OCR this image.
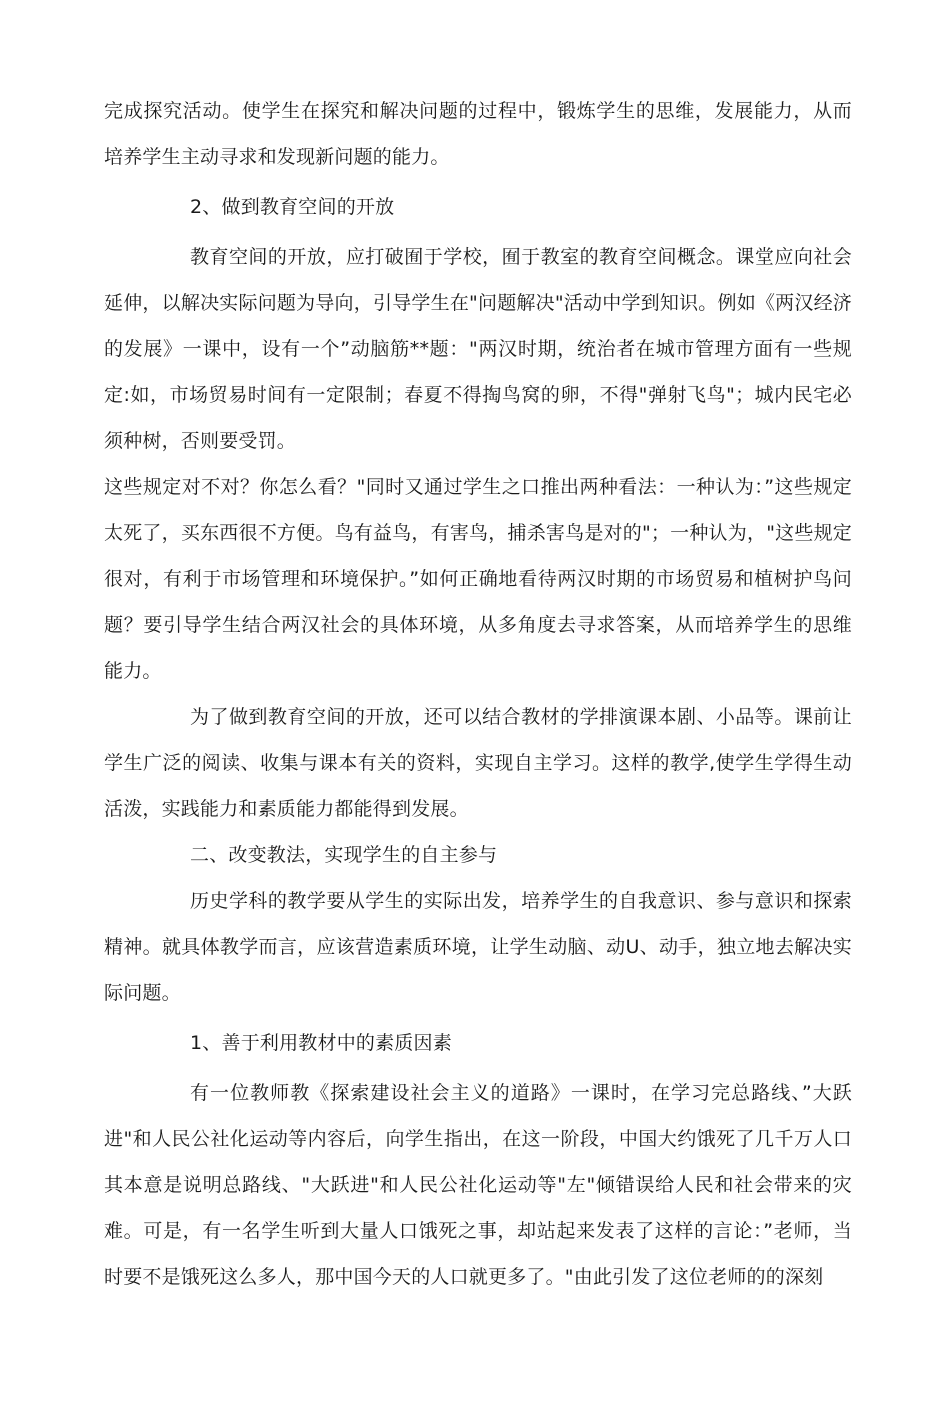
完成探究活动。使学生在探究和解决问题的过程中，锻炼学生的思维，发展能力，从而培养学生主动寻求和发现新问题的能力。

2、做到教育空间的开放

教育空间的开放，应打破囿于学校，囿于教室的教育空间概念。课堂应向社会延伸，以解决实际问题为导向，引导学生在"问题解决"活动中学到知识。例如《两汉经济的发展》一课中，设有一个”动脑筋**题："两汉时期，统治者在城市管理方面有一些规定:如，市场贸易时间有一定限制；春夏不得掏鸟窝的卵，不得"弹射飞鸟"；城内民宅必须种树，否则要受罚。

这些规定对不对？你怎么看？"同时又通过学生之口推出两种看法：一种认为：”这些规定太死了，买东西很不方便。鸟有益鸟，有害鸟，捕杀害鸟是对的"；一种认为，"这些规定很对，有利于市场管理和环境保护。”如何正确地看待两汉时期的市场贸易和植树护鸟问题？要引导学生结合两汉社会的具体环境，从多角度去寻求答案，从而培养学生的思维能力。

为了做到教育空间的开放，还可以结合教材的学排演课本剧、小品等。课前让学生广泛的阅读、收集与课本有关的资料，实现自主学习。这样的教学,使学生学得生动活泼，实践能力和素质能力都能得到发展。

二、改变教法，实现学生的自主参与

历史学科的教学要从学生的实际出发，培养学生的自我意识、参与意识和探索精神。就具体教学而言，应该营造素质环境，让学生动脑、动U、动手，独立地去解决实际问题。

1、善于利用教材中的素质因素

有一位教师教《探索建设社会主义的道路》一课时，在学习完总路线、”大跃进"和人民公社化运动等内容后，向学生指出，在这一阶段，中国大约饿死了几千万人口其本意是说明总路线、"大跃进"和人民公社化运动等"左"倾错误给人民和社会带来的灾难。可是，有一名学生听到大量人口饿死之事，却站起来发表了这样的言论：”老师，当时要不是饿死这么多人，那中国今天的人口就更多了。"由此引发了这位老师的的深刻
